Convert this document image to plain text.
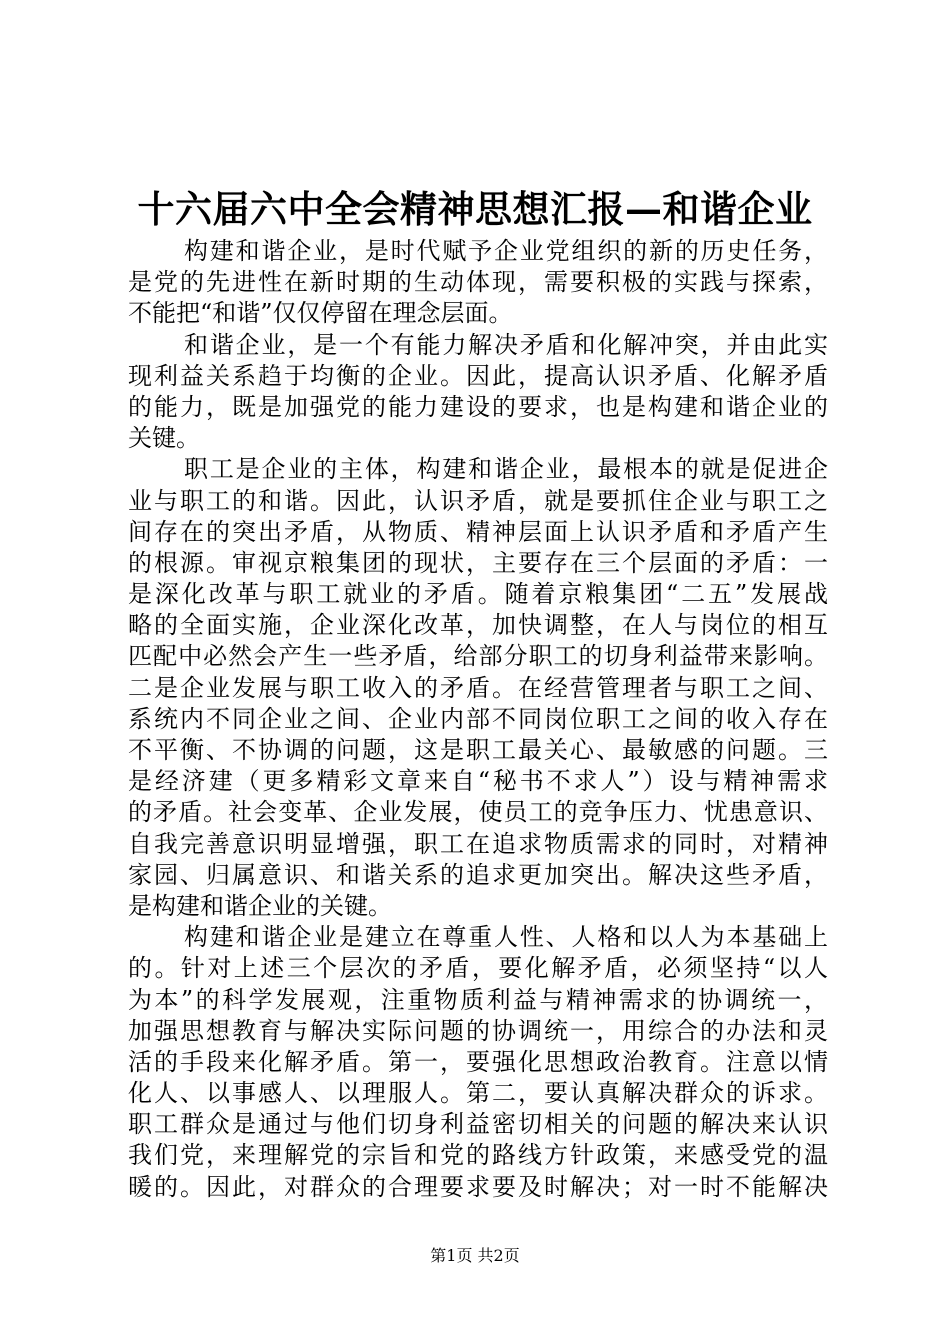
十六届六中全会精神思想汇报—和谐企业
构建和谐企业，是时代赋予企业党组织的新的历史任务，
是党的先进性在新时期的生动体现，需要积极的实践与探索，
不能把“和谐”仅仅停留在理念层面。
和谐企业，是一个有能力解决矛盾和化解冲突，并由此实
现利益关系趋于均衡的企业。因此，提高认识矛盾、化解矛盾
的能力，既是加强党的能力建设的要求，也是构建和谐企业的
关键。
职工是企业的主体，构建和谐企业，最根本的就是促进企
业与职工的和谐。因此，认识矛盾，就是要抓住企业与职工之
间存在的突出矛盾，从物质、精神层面上认识矛盾和矛盾产生
的根源。审视京粮集团的现状，主要存在三个层面的矛盾：一
是深化改革与职工就业的矛盾。随着京粮集团“二五”发展战
略的全面实施，企业深化改革，加快调整，在人与岗位的相互
匹配中必然会产生一些矛盾，给部分职工的切身利益带来影响。
二是企业发展与职工收入的矛盾。在经营管理者与职工之间、
系统内不同企业之间、企业内部不同岗位职工之间的收入存在
不平衡、不协调的问题，这是职工最关心、最敏感的问题。三
是经济建（更多精彩文章来自“秘书不求人”）设与精神需求
的矛盾。社会变革、企业发展，使员工的竞争压力、忧患意识、
自我完善意识明显增强，职工在追求物质需求的同时，对精神
家园、归属意识、和谐关系的追求更加突出。解决这些矛盾，
是构建和谐企业的关键。
构建和谐企业是建立在尊重人性、人格和以人为本基础上
的。针对上述三个层次的矛盾，要化解矛盾，必须坚持“以人
为本”的科学发展观，注重物质利益与精神需求的协调统一，
加强思想教育与解决实际问题的协调统一，用综合的办法和灵
活的手段来化解矛盾。第一，要强化思想政治教育。注意以情
化人、以事感人、以理服人。第二，要认真解决群众的诉求。
职工群众是通过与他们切身利益密切相关的问题的解决来认识
我们党，来理解党的宗旨和党的路线方针政策，来感受党的温
暖的。因此，对群众的合理要求要及时解决；对一时不能解决
第1页 共2页
